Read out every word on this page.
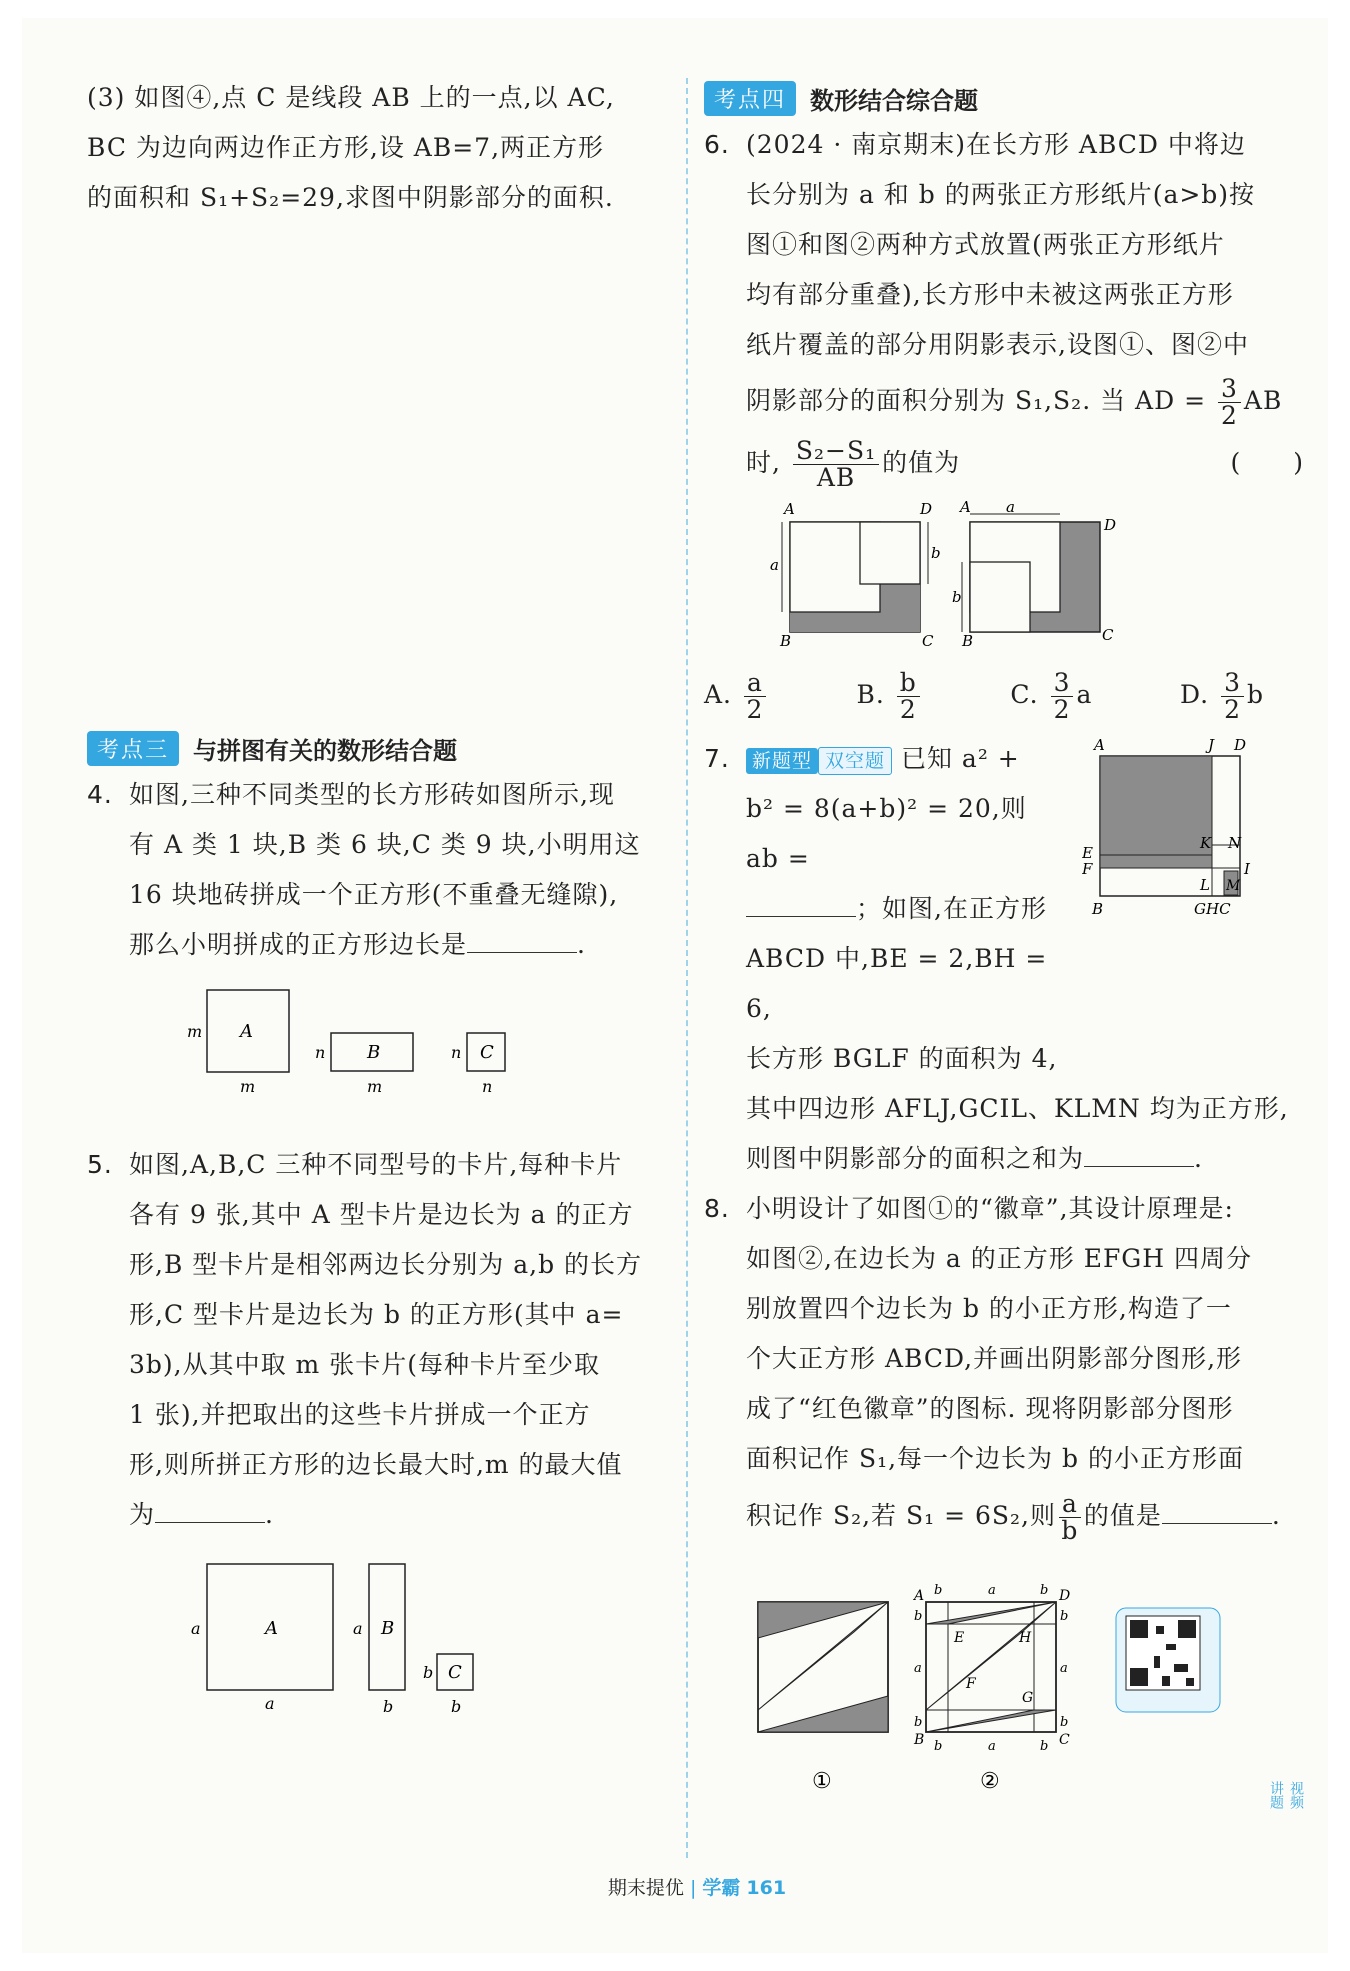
(3) 如图④,点 C 是线段 AB 上的一点,以 AC,
BC 为边向两边作正方形,设 AB=7,两正方形
的面积和 S₁+S₂=29,求图中阴影部分的面积.
考点三	与拼图有关的数形结合题
4. 如图,三种不同类型的长方形砖如图所示,现
有 A 类 1 块,B 类 6 块,C 类 9 块,小明用这
16 块地砖拼成一个正方形(不重叠无缝隙),
那么小明拼成的正方形边长是	.
A
m
m
B
n
m
C
n
n
5. 如图,A,B,C 三种不同型号的卡片,每种卡片
各有 9 张,其中 A 型卡片是边长为 a 的正方
形,B 型卡片是相邻两边长分别为 a,b 的长方
形,C 型卡片是边长为 b 的正方形(其中 a=
3b),从其中取 m 张卡片(每种卡片至少取
1 张),并把取出的这些卡片拼成一个正方
形,则所拼正方形的边长最大时,m 的最大值
为	.
A
a
a
B
a
b
C
b
b
考点四	数形结合综合题
6. (2024 · 南京期末)在长方形 ABCD 中将边
长分别为 a 和 b 的两张正方形纸片(a>b)按
图①和图②两种方式放置(两张正方形纸片
均有部分重叠),长方形中未被这两张正方形
纸片覆盖的部分用阴影表示,设图①、图②中
阴影部分的面积分别为 S₁,S₂. 当 AD = $\frac{3}{2}$ AB
时, $\frac{\text{S₂−S₁}}{AB}$ 的值为	(　　)
A	D
B	C
a
b
A a
D
B	C
b
A. $\frac{a}{2}$	B. $\frac{b}{2}$	C. $\frac{3}{2}$ a	D. $\frac{3}{2}$ b
7.	新题型 双空题 已知 a² +
b² = 8(a+b)² = 20,则 ab =
；如图,在正方形
ABCD 中,BE = 2,BH = 6,
长方形 BGLF 的面积为 4,
其中四边形 AFLJ,GCIL、KLMN 均为正方形,
则图中阴影部分的面积之和为	.
A	J D
E
F
K N
I
L M
B	GHC
8. 小明设计了如图①的“徽章”,其设计原理是:
如图②,在边长为 a 的正方形 EFGH 四周分
别放置四个边长为 b 的小正方形,构造了一
个大正方形 ABCD,并画出阴影部分图形,形
成了“红色徽章”的图标. 现将阴影部分图形
面积记作 S₁,每一个边长为 b 的小正方形面
积记作 S₂,若 S₁ = 6S₂,则 $\frac{a}{b}$ 的值是	.
①
A	D
B	C
E	H
F
G
b	a	b
b
a
b
b
a
b
b	a	b
②	视频讲题
期末提优 | 学霸 161
